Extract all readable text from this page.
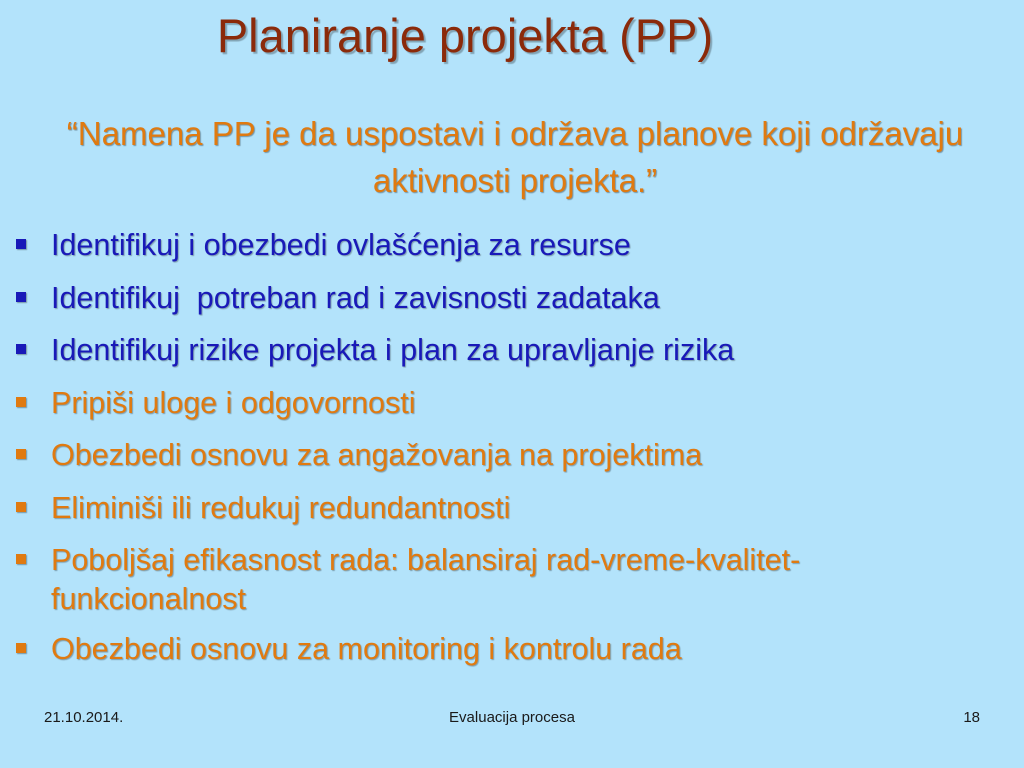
Planiranje projekta (PP)
“Namena PP je da uspostavi i održava planove koji održavaju aktivnosti projekta.”
Identifikuj i obezbedi ovlašćenja za resurse
Identifikuj  potreban rad i zavisnosti zadataka
Identifikuj rizike projekta i plan za upravljanje rizika
Pripiši uloge i odgovornosti
Obezbedi osnovu za angažovanja na projektima
Eliminiši ili redukuj redundantnosti
Poboljšaj efikasnost rada: balansiraj rad-vreme-kvalitet-funkcionalnost
Obezbedi osnovu za monitoring i kontrolu rada
21.10.2014.	Evaluacija procesa	18
